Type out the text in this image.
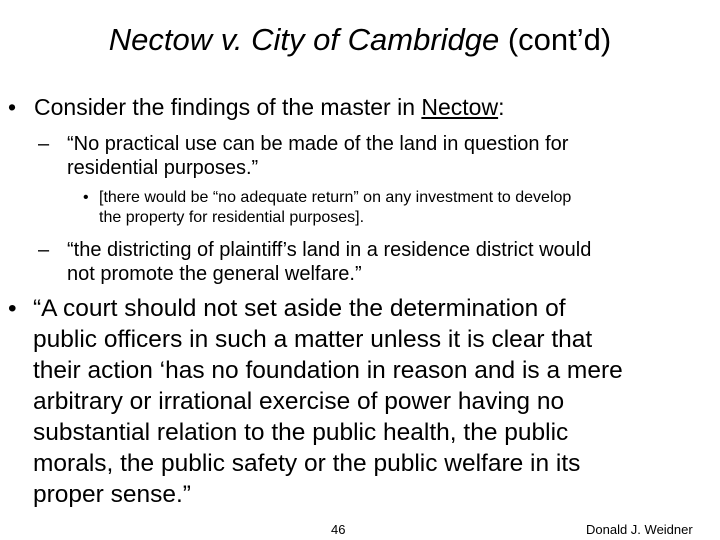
Nectow v. City of Cambridge (cont’d)
• Consider the findings of the master in Nectow:
– “No practical use can be made of the land in question for
residential purposes.”
• [there would be “no adequate return” on any investment to develop
the property for residential purposes].
– “the districting of plaintiff’s land in a residence district would
not promote the general welfare.”
• “A court should not set aside the determination of
public officers in such a matter unless it is clear that
their action ‘has no foundation in reason and is a mere
arbitrary or irrational exercise of power having no
substantial relation to the public health, the public
morals, the public safety or the public welfare in its
proper sense.”
46	Donald J. Weidner
